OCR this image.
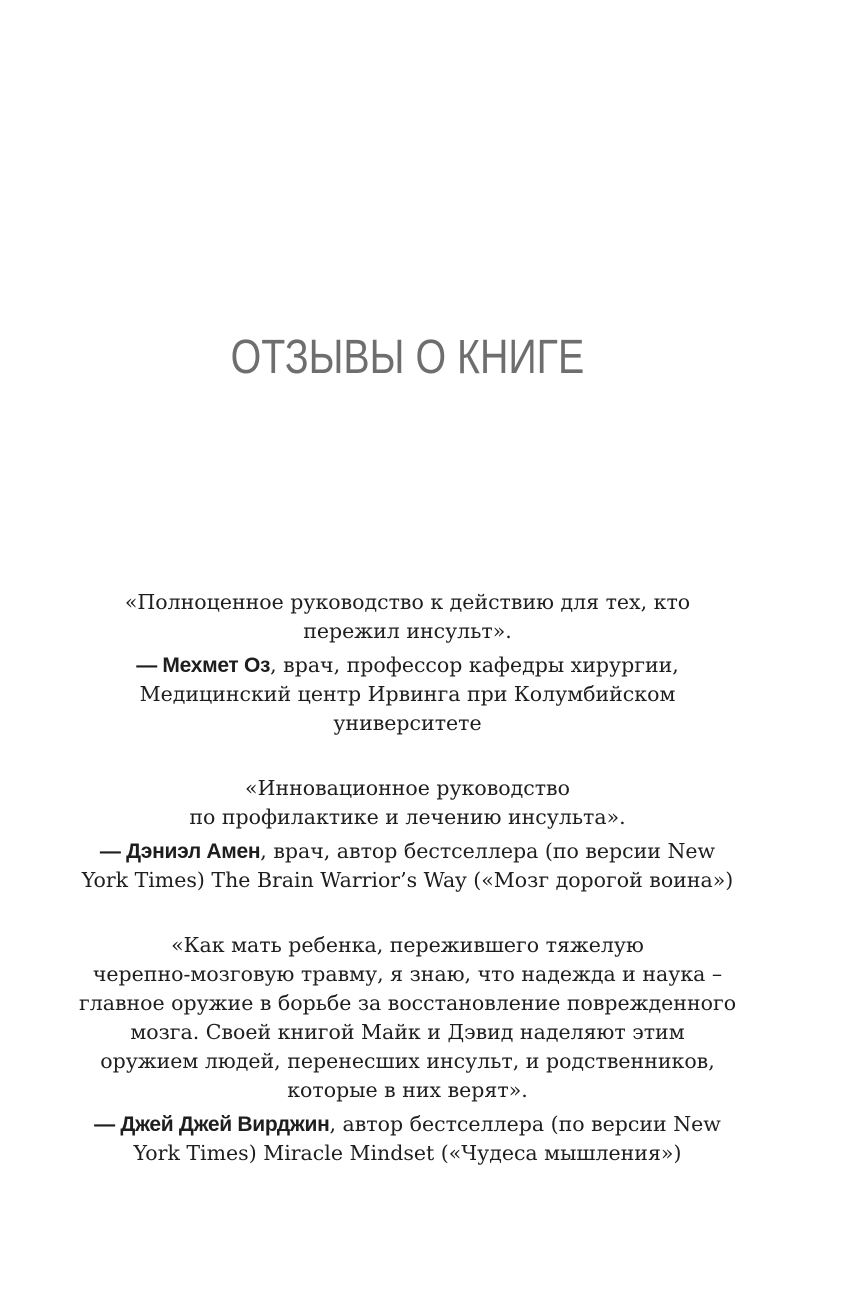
ОТЗЫВЫ О КНИГЕ

«Полноценное руководство к действию для тех, кто
пережил инсульт».

— Мехмет Оз, врач, профессор кафедры хирургии,
Медицинский центр Ирвинга при Колумбийском
университете

«Инновационное руководство
по профилактике и лечению инсульта».

— Дэниэл Амен, врач, автор бестселлера (по версии New
York Times) The Brain Warrior’s Way («Мозг дорогой воина»)

«Как мать ребенка, пережившего тяжелую
черепно-мозговую травму, я знаю, что надежда и наука –
главное оружие в борьбе за восстановление поврежденного
мозга. Своей книгой Майк и Дэвид наделяют этим
оружием людей, перенесших инсульт, и родственников,
которые в них верят».

— Джей Джей Вирджин, автор бестселлера (по версии New
York Times) Miracle Mindset («Чудеса мышления»)
